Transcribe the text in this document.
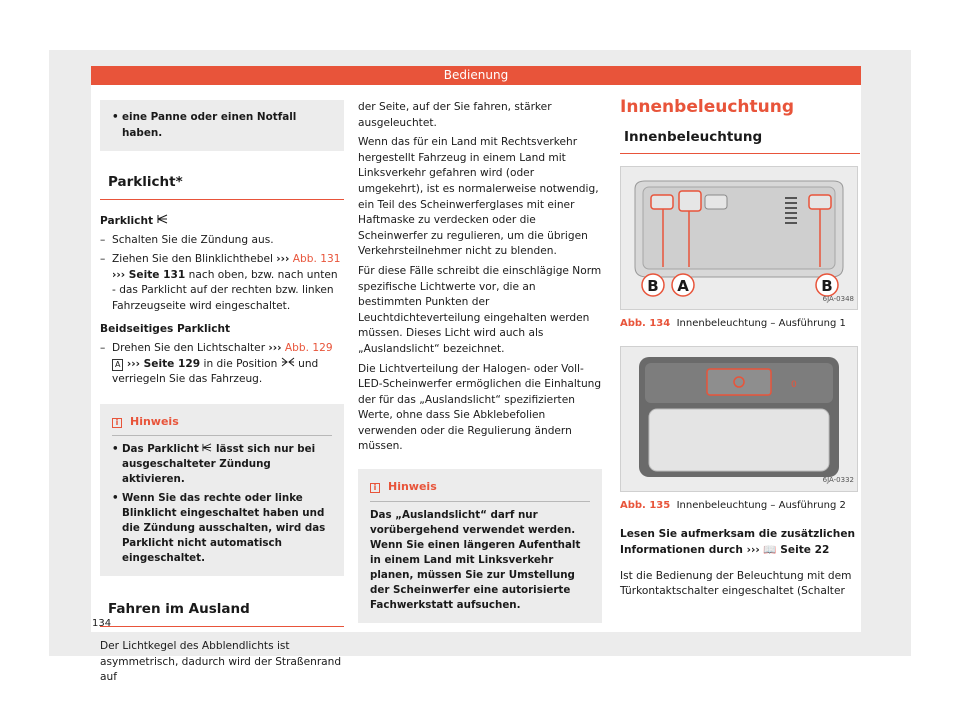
Bedienung
• eine Panne oder einen Notfall haben.
Parklicht*
Parklicht
– Schalten Sie die Zündung aus.
– Ziehen Sie den Blinklichthebel ››› Abb. 131 ››› Seite 131 nach oben, bzw. nach unten - das Parklicht auf der rechten bzw. linken Fahrzeugseite wird eingeschaltet.
Beidseitiges Parklicht
– Drehen Sie den Lichtschalter ››› Abb. 129 A ››› Seite 129 in die Position und verriegeln Sie das Fahrzeug.
i Hinweis
• Das Parklicht lässt sich nur bei ausgeschalteter Zündung aktivieren.
• Wenn Sie das rechte oder linke Blinklicht eingeschaltet haben und die Zündung ausschalten, wird das Parklicht nicht automatisch eingeschaltet.
Fahren im Ausland
Der Lichtkegel des Abblendlichts ist asymmetrisch, dadurch wird der Straßenrand auf
der Seite, auf der Sie fahren, stärker ausgeleuchtet.
Wenn das für ein Land mit Rechtsverkehr hergestellt Fahrzeug in einem Land mit Linksverkehr gefahren wird (oder umgekehrt), ist es normalerweise notwendig, ein Teil des Scheinwerferglases mit einer Haftmaske zu verdecken oder die Scheinwerfer zu regulieren, um die übrigen Verkehrsteilnehmer nicht zu blenden.
Für diese Fälle schreibt die einschlägige Norm spezifische Lichtwerte vor, die an bestimmten Punkten der Leuchtdichteverteilung eingehalten werden müssen. Dieses Licht wird auch als „Auslandslicht“ bezeichnet.
Die Lichtverteilung der Halogen- oder Voll-LED-Scheinwerfer ermöglichen die Einhaltung der für das „Auslandslicht“ spezifizierten Werte, ohne dass Sie Abklebefolien verwenden oder die Regulierung ändern müssen.
i Hinweis
Das „Auslandslicht“ darf nur vorübergehend verwendet werden. Wenn Sie einen längeren Aufenthalt in einem Land mit Linksverkehr planen, müssen Sie zur Umstellung der Scheinwerfer eine autorisierte Fachwerkstatt aufsuchen.
Innenbeleuchtung
Innenbeleuchtung
B A	B
6JA-0348
Abb. 134 Innenbeleuchtung – Ausführung 1
0
6JA-0332
Abb. 135 Innenbeleuchtung – Ausführung 2
Lesen Sie aufmerksam die zusätzlichen Informationen durch ››› 📖 Seite 22
Ist die Bedienung der Beleuchtung mit dem Türkontaktschalter eingeschaltet (Schalter
134
